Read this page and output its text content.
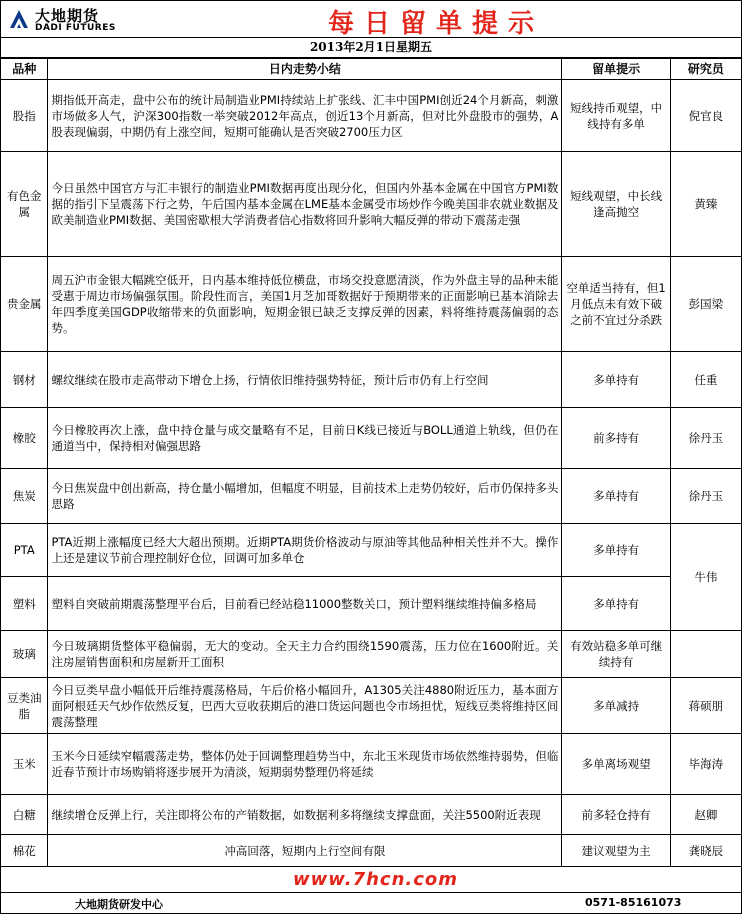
大地期货
DADI FUTURES	每日留单提示
2013年2月1日星期五
品种	日内走势小结	留单提示	研究员
股指	期指低开高走，盘中公布的统计局制造业PMI持续站上扩张线、汇丰中国PMI创近24个月新高，刺激市场做多人气，沪深300指数一举突破2012年高点，创近13个月新高，但对比外盘股市的强势，A股表现偏弱，中期仍有上涨空间，短期可能确认是否突破2700压力区	短线持币观望，中线持有多单	倪官良
有色金属	今日虽然中国官方与汇丰银行的制造业PMI数据再度出现分化，但国内外基本金属在中国官方PMI数据的指引下呈震荡下行之势，午后国内基本金属在LME基本金属受市场炒作今晚美国非农就业数据及欧美制造业PMI数据、美国密歇根大学消费者信心指数将回升影响大幅反弹的带动下震荡走强	短线观望，中长线逢高抛空	黄臻
贵金属	周五沪市金银大幅跳空低开，日内基本维持低位横盘，市场交投意愿清淡，作为外盘主导的品种未能受惠于周边市场偏强氛围。阶段性而言，美国1月芝加哥数据好于预期带来的正面影响已基本消除去年四季度美国GDP收缩带来的负面影响，短期金银已缺乏支撑反弹的因素，料将维持震荡偏弱的态势。	空单适当持有，但1月低点未有效下破之前不宜过分杀跌	彭国梁
钢材	螺纹继续在股市走高带动下增仓上扬，行情依旧维持强势特征，预计后市仍有上行空间	多单持有	任重
橡胶	今日橡胶再次上涨，盘中持仓量与成交量略有不足，目前日K线已接近与BOLL通道上轨线，但仍在通道当中，保持相对偏强思路	前多持有	徐丹玉
焦炭	今日焦炭盘中创出新高，持仓量小幅增加，但幅度不明显，目前技术上走势仍较好，后市仍保持多头思路	多单持有	徐丹玉
PTA	PTA近期上涨幅度已经大大超出预期。近期PTA期货价格波动与原油等其他品种相关性并不大。操作上还是建议节前合理控制好仓位，回调可加多单仓	多单持有	牛伟
塑料	塑料自突破前期震荡整理平台后，目前看已经站稳11000整数关口，预计塑料继续维持偏多格局	多单持有	
玻璃	今日玻璃期货整体平稳偏弱，无大的变动。全天主力合约围绕1590震荡，压力位在1600附近。关注房屋销售面积和房屋新开工面积	有效站稳多单可继续持有	
豆类油脂	今日豆类早盘小幅低开后维持震荡格局，午后价格小幅回升，A1305关注4880附近压力，基本面方面阿根廷天气炒作依然反复，巴西大豆收获期后的港口货运问题也令市场担忧，短线豆类将维持区间震荡整理	多单减持	蒋硕朋
玉米	玉米今日延续窄幅震荡走势，整体仍处于回调整理趋势当中，东北玉米现货市场依然维持弱势，但临近春节预计市场购销将逐步展开为清淡，短期弱势整理仍将延续	多单离场观望	毕海涛
白糖	继续增仓反弹上行，关注即将公布的产销数据，如数据利多将继续支撑盘面，关注5500附近表现	前多轻仓持有	赵卿
棉花	冲高回落，短期内上行空间有限	建议观望为主	龚晓辰
www.7hcn.com
大地期货研发中心	0571-85161073
